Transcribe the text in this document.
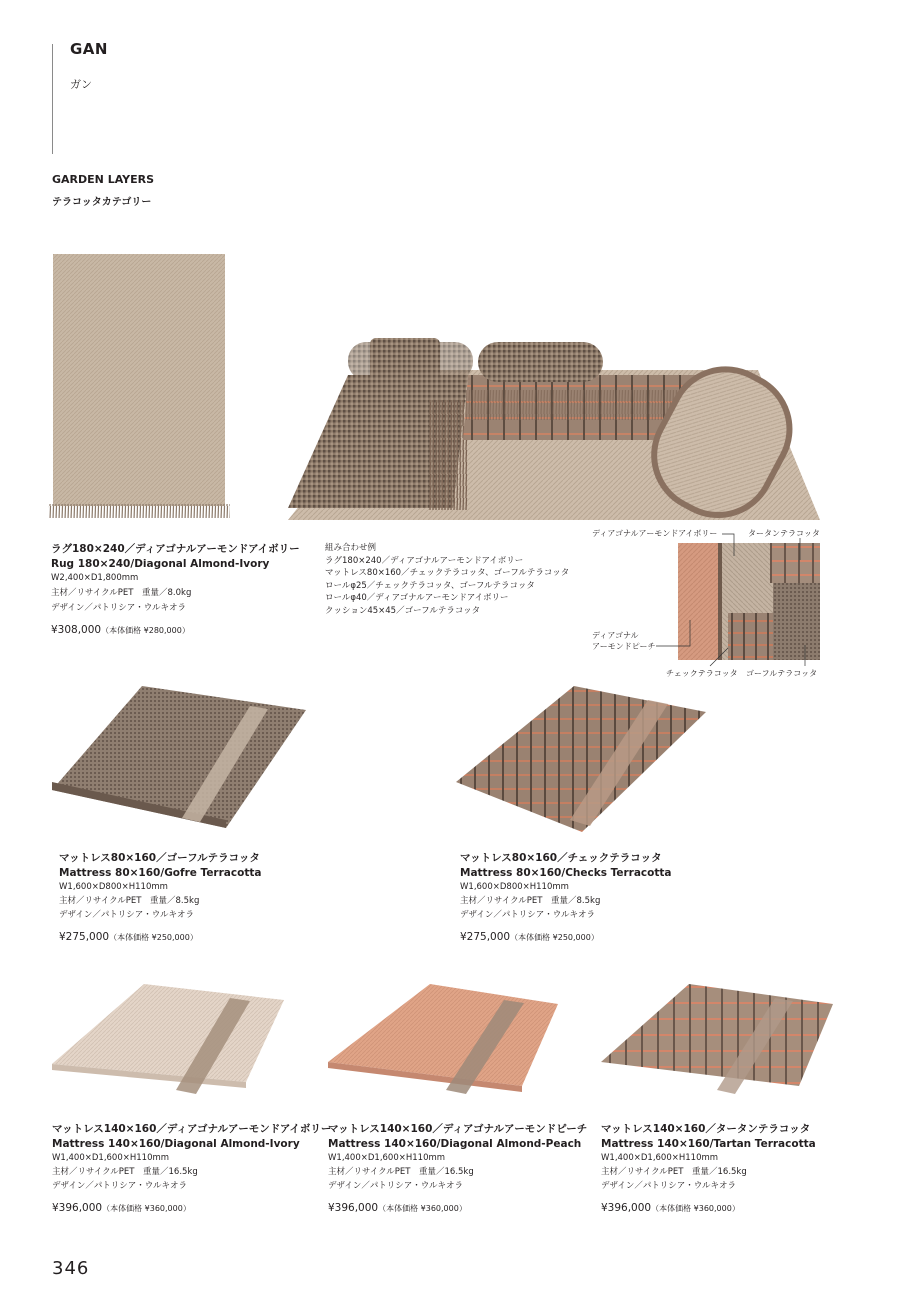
GAN
ガン
GARDEN LAYERS
テラコッタカテゴリー
ラグ180×240／ディアゴナルアーモンドアイボリー
Rug 180×240/Diagonal Almond-Ivory
W2,400×D1,800mm
主材／リサイクルPET　重量／8.0kg
デザイン／パトリシア・ウルキオラ
¥308,000（本体価格 ¥280,000）
組み合わせ例
ラグ180×240／ディアゴナルアーモンドアイボリー
マットレス80×160／チェックテラコッタ、ゴーフルテラコッタ
ロールφ25／チェックテラコッタ、ゴーフルテラコッタ
ロールφ40／ディアゴナルアーモンドアイボリー
クッション45×45／ゴーフルテラコッタ
ディアゴナルアーモンドアイボリー	タータンテラコッタ
ディアゴナル
アーモンドピーチ
チェックテラコッタ ゴーフルテラコッタ
マットレス80×160／ゴーフルテラコッタ
Mattress 80×160/Gofre Terracotta
W1,600×D800×H110mm
主材／リサイクルPET　重量／8.5kg
デザイン／パトリシア・ウルキオラ
¥275,000（本体価格 ¥250,000）
マットレス80×160／チェックテラコッタ
Mattress 80×160/Checks Terracotta
W1,600×D800×H110mm
主材／リサイクルPET　重量／8.5kg
デザイン／パトリシア・ウルキオラ
¥275,000（本体価格 ¥250,000）
マットレス140×160／ディアゴナルアーモンドアイボリー
Mattress 140×160/Diagonal Almond-Ivory
W1,400×D1,600×H110mm
主材／リサイクルPET　重量／16.5kg
デザイン／パトリシア・ウルキオラ
¥396,000（本体価格 ¥360,000）
マットレス140×160／ディアゴナルアーモンドピーチ
Mattress 140×160/Diagonal Almond-Peach
W1,400×D1,600×H110mm
主材／リサイクルPET　重量／16.5kg
デザイン／パトリシア・ウルキオラ
¥396,000（本体価格 ¥360,000）
マットレス140×160／タータンテラコッタ
Mattress 140×160/Tartan Terracotta
W1,400×D1,600×H110mm
主材／リサイクルPET　重量／16.5kg
デザイン／パトリシア・ウルキオラ
¥396,000（本体価格 ¥360,000）
346
